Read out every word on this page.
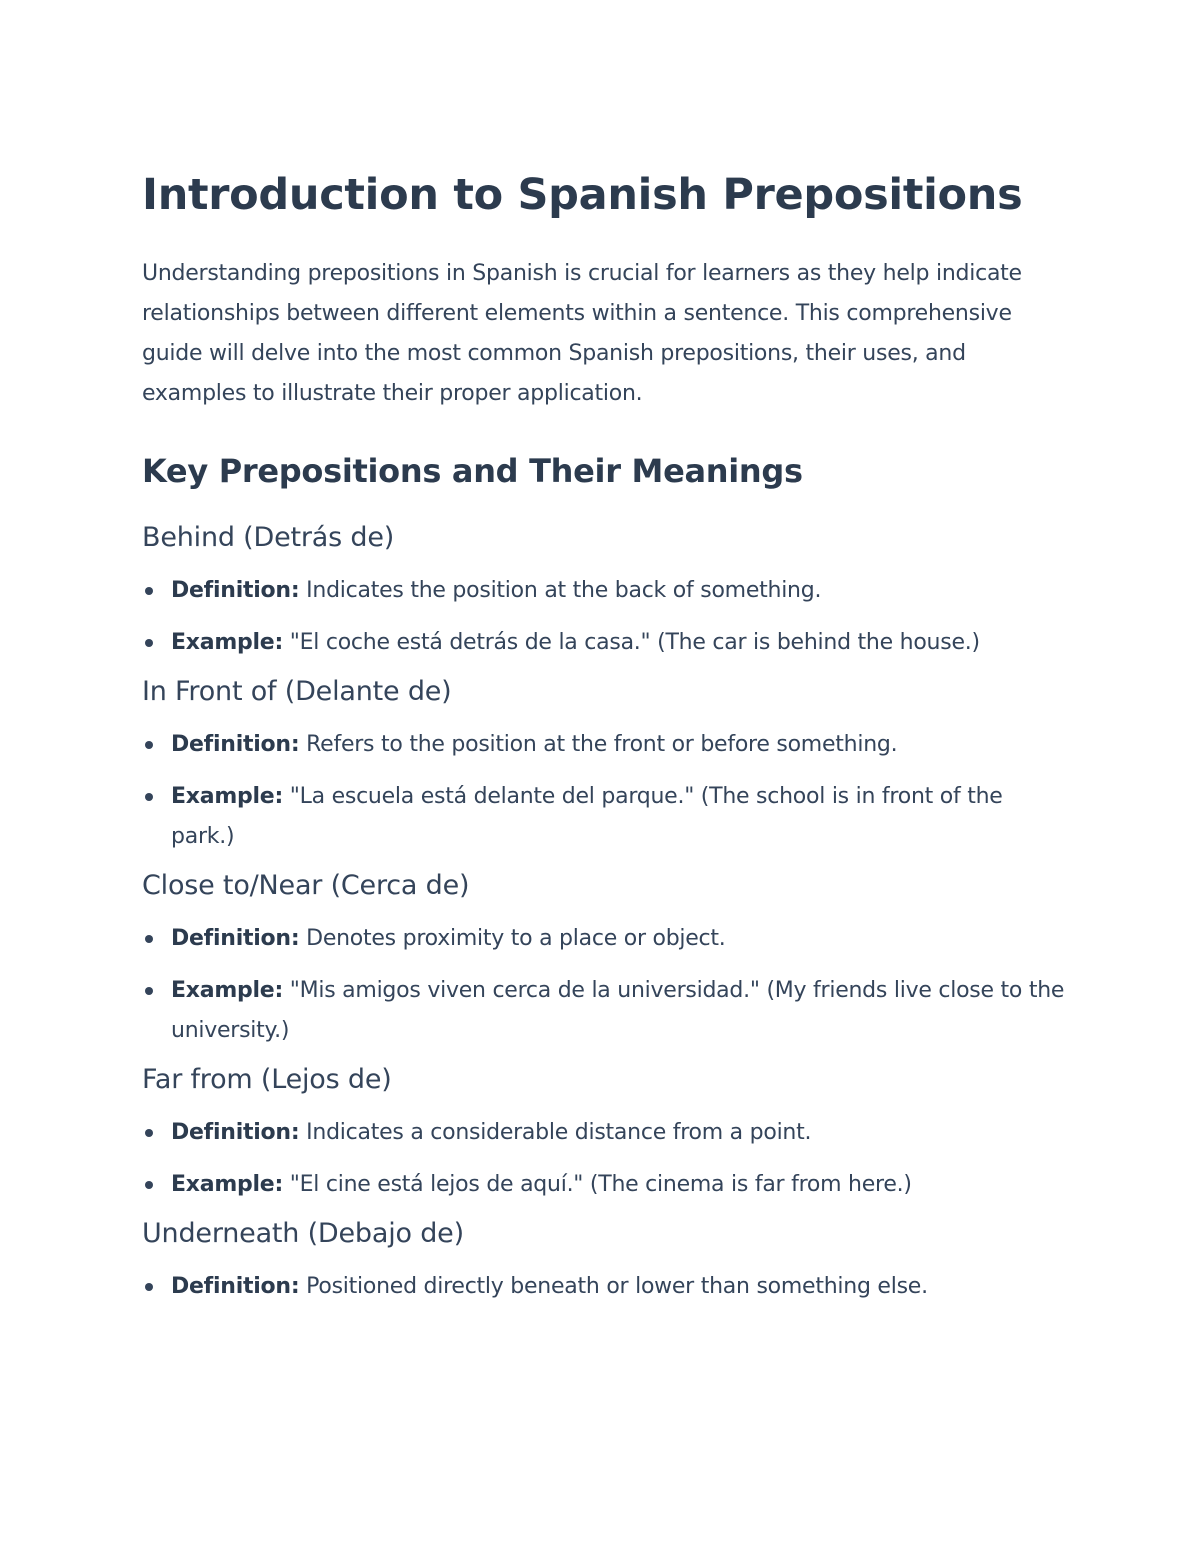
Introduction to Spanish Prepositions

Understanding prepositions in Spanish is crucial for learners as they help indicate relationships between different elements within a sentence. This comprehensive guide will delve into the most common Spanish prepositions, their uses, and examples to illustrate their proper application.

Key Prepositions and Their Meanings
Behind (Detrás de)
Definition: Indicates the position at the back of something.
Example: "El coche está detrás de la casa." (The car is behind the house.)
In Front of (Delante de)
Definition: Refers to the position at the front or before something.
Example: "La escuela está delante del parque." (The school is in front of the park.)
Close to/Near (Cerca de)
Definition: Denotes proximity to a place or object.
Example: "Mis amigos viven cerca de la universidad." (My friends live close to the university.)
Far from (Lejos de)
Definition: Indicates a considerable distance from a point.
Example: "El cine está lejos de aquí." (The cinema is far from here.)
Underneath (Debajo de)
Definition: Positioned directly beneath or lower than something else.
